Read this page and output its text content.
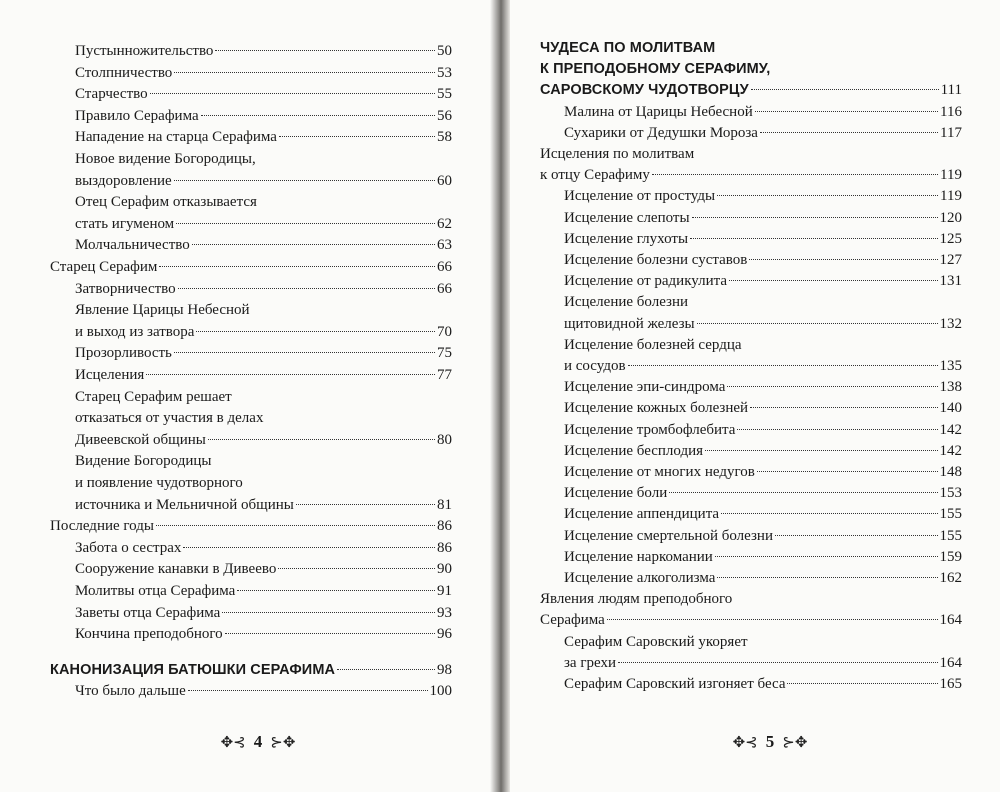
Пустынножительство	50
Столпничество	53
Старчество	55
Правило Серафима	56
Нападение на старца Серафима	58
Новое видение Богородицы,
выздоровление	60
Отец Серафим отказывается
стать игуменом	62
Молчальничество	63
Старец Серафим	66
Затворничество	66
Явление Царицы Небесной
и выход из затвора	70
Прозорливость	75
Исцеления	77
Старец Серафим решает
отказаться от участия в делах
Дивеевской общины	80
Видение Богородицы
и появление чудотворного
источника и Мельничной общины	81
Последние годы	86
Забота о сестрах	86
Сооружение канавки в Дивеево	90
Молитвы отца Серафима	91
Заветы отца Серафима	93
Кончина преподобного	96
КАНОНИЗАЦИЯ БАТЮШКИ СЕРАФИМА	98
Что было дальше	100
✥⊰ 4 ⊱✥
ЧУДЕСА ПО МОЛИТВАМ
К ПРЕПОДОБНОМУ СЕРАФИМУ,
САРОВСКОМУ ЧУДОТВОРЦУ	111
Малина от Царицы Небесной	116
Сухарики от Дедушки Мороза	117
Исцеления по молитвам
к отцу Серафиму	119
Исцеление от простуды	119
Исцеление слепоты	120
Исцеление глухоты	125
Исцеление болезни суставов	127
Исцеление от радикулита	131
Исцеление болезни
щитовидной железы	132
Исцеление болезней сердца
и сосудов	135
Исцеление эпи-синдрома	138
Исцеление кожных болезней	140
Исцеление тромбофлебита	142
Исцеление бесплодия	142
Исцеление от многих недугов	148
Исцеление боли	153
Исцеление аппендицита	155
Исцеление смертельной болезни	155
Исцеление наркомании	159
Исцеление алкоголизма	162
Явления людям преподобного
Серафима	164
Серафим Саровский укоряет
за грехи	164
Серафим Саровский изгоняет беса	165
✥⊰ 5 ⊱✥
